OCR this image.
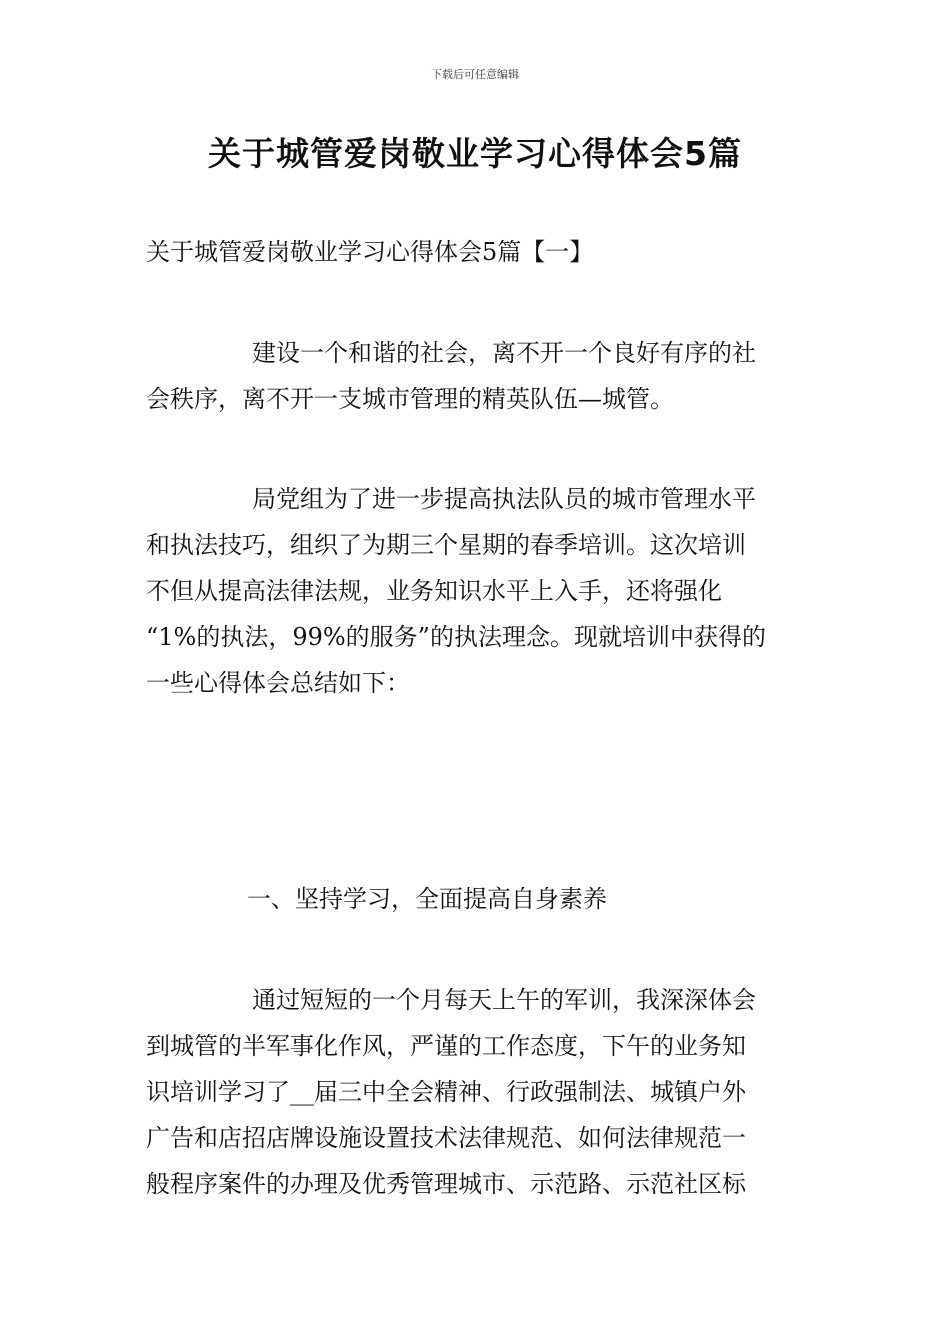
下载后可任意编辑
关于城管爱岗敬业学习心得体会5篇
关于城管爱岗敬业学习心得体会5篇【一】

建设一个和谐的社会，离不开一个良好有序的社
会秩序，离不开一支城市管理的精英队伍—城管。

局党组为了进一步提高执法队员的城市管理水平
和执法技巧，组织了为期三个星期的春季培训。这次培训
不但从提高法律法规，业务知识水平上入手，还将强化
“1%的执法，99%的服务”的执法理念。现就培训中获得的
一些心得体会总结如下：

一、坚持学习，全面提高自身素养

通过短短的一个月每天上午的军训，我深深体会
到城管的半军事化作风，严谨的工作态度，下午的业务知
识培训学习了__届三中全会精神、行政强制法、城镇户外
广告和店招店牌设施设置技术法律规范、如何法律规范一
般程序案件的办理及优秀管理城市、示范路、示范社区标
